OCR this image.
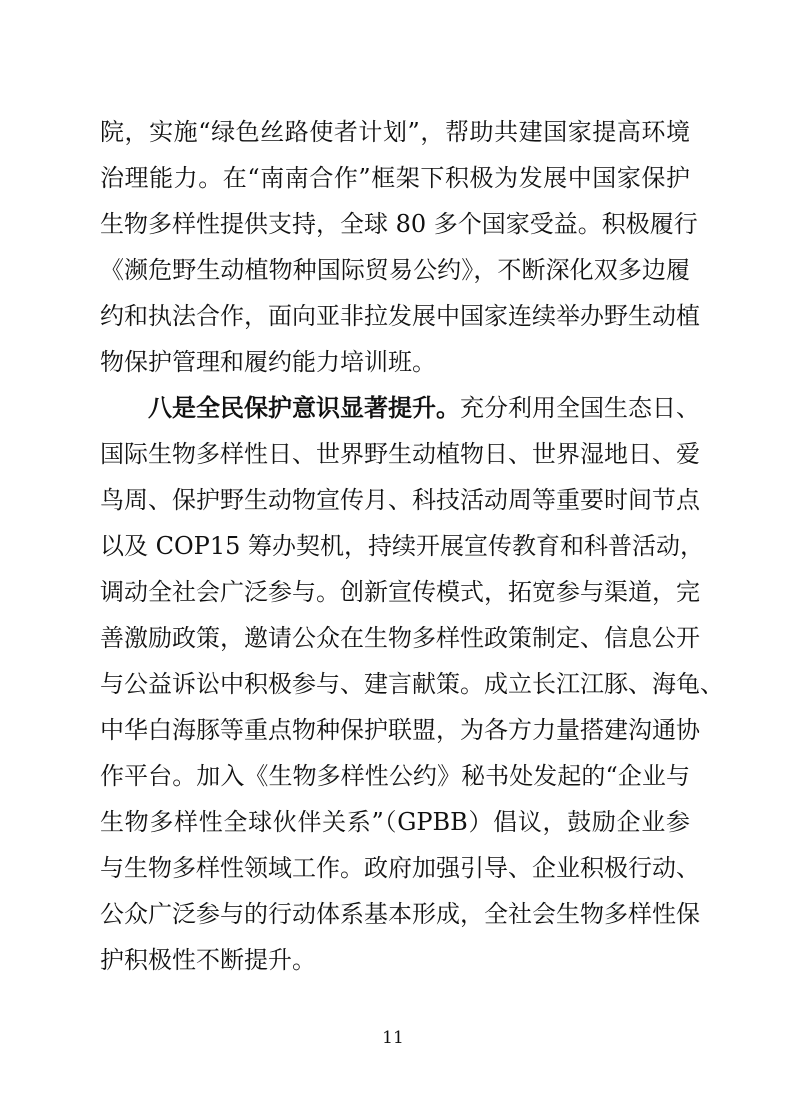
院，实施“绿色丝路使者计划”，帮助共建国家提高环境
治理能力。在“南南合作”框架下积极为发展中国家保护
生物多样性提供支持，全球 80 多个国家受益。积极履行
《濒危野生动植物种国际贸易公约》，不断深化双多边履
约和执法合作，面向亚非拉发展中国家连续举办野生动植
物保护管理和履约能力培训班。
八是全民保护意识显著提升。充分利用全国生态日、
国际生物多样性日、世界野生动植物日、世界湿地日、爱
鸟周、保护野生动物宣传月、科技活动周等重要时间节点
以及 COP15 筹办契机，持续开展宣传教育和科普活动，
调动全社会广泛参与。创新宣传模式，拓宽参与渠道，完
善激励政策，邀请公众在生物多样性政策制定、信息公开
与公益诉讼中积极参与、建言献策。成立长江江豚、海龟、
中华白海豚等重点物种保护联盟，为各方力量搭建沟通协
作平台。加入《生物多样性公约》秘书处发起的“企业与
生物多样性全球伙伴关系”（GPBB）倡议，鼓励企业参
与生物多样性领域工作。政府加强引导、企业积极行动、
公众广泛参与的行动体系基本形成，全社会生物多样性保
护积极性不断提升。
11
